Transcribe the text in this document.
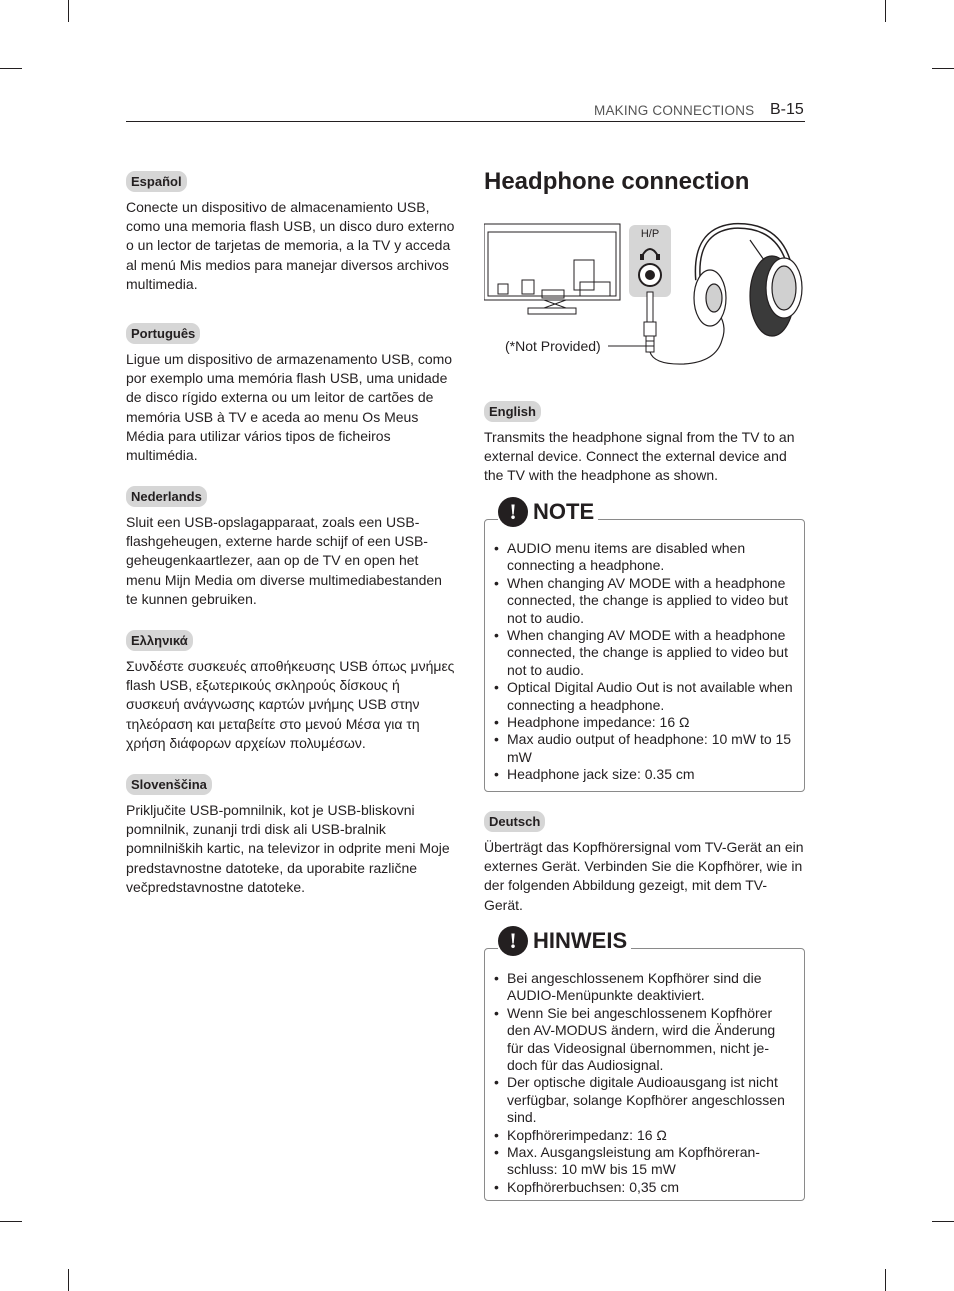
MAKING CONNECTIONS B-15
Español

Conecte un dispositivo de almacenamiento USB, como una memoria flash USB, un disco duro externo o un lector de tarjetas de memoria, a la TV y acceda al menú Mis medios para manejar diversos archivos multimedia.

Português

Ligue um dispositivo de armazenamento USB, como por exemplo uma memória flash USB, uma unidade de disco rígido externa ou um leitor de cartões de memória USB à TV e aceda ao menu Os Meus Média para utilizar vários tipos de ficheiros multimédia.

Nederlands

Sluit een USB-opslagapparaat, zoals een USB-flashgeheugen, externe harde schijf of een USB-geheugenkaartlezer, aan op de TV en open het menu Mijn Media om diverse multimediabestanden te kunnen gebruiken.

Ελληνικά

Συνδέστε συσκευές αποθήκευσης USB όπως μνήμες flash USB, εξωτερικούς σκληρούς δίσκους ή συσκευή ανάγνωσης καρτών μνήμης USB στην τηλεόραση και μεταβείτε στο μενού Μέσα για τη χρήση διάφορων αρχείων πολυμέσων.

Slovenščina

Priključite USB-pomnilnik, kot je USB-bliskovni pomnilnik, zunanji trdi disk ali USB-bralnik pomnilniških kartic, na televizor in odprite meni Moje predstavnostne datoteke, da uporabite različne večpredstavnostne datoteke.

Headphone connection
H/P
(*Not Provided)
English

Transmits the headphone signal from the TV to an external device. Connect the external device and the TV with the headphone as shown.

• AUDIO menu items are disabled when connecting a headphone.
• When changing AV MODE with a headphone connected, the change is applied to video but not to audio.
• When changing AV MODE with a headphone connected, the change is applied to video but not to audio.
• Optical Digital Audio Out is not available when connecting a headphone.
• Headphone impedance: 16 Ω
• Max audio output of headphone: 10 mW to 15 mW
• Headphone jack size: 0.35 cm
! NOTE
Deutsch

Überträgt das Kopfhörersignal vom TV-Gerät an ein externes Gerät. Verbinden Sie die Kopfhörer, wie in der folgenden Abbildung gezeigt, mit dem TV-Gerät.

• Bei angeschlossenem Kopfhörer sind die AUDIO-Menüpunkte deaktiviert.
• Wenn Sie bei angeschlossenem Kopfhörer den AV-MODUS ändern, wird die Änderung für das Videosignal übernommen, nicht je-doch für das Audiosignal.
• Der optische digitale Audioausgang ist nicht verfügbar, solange Kopfhörer angeschlossen sind.
• Kopfhörerimpedanz: 16 Ω
• Max. Ausgangsleistung am Kopfhöreran-schluss: 10 mW bis 15 mW
• Kopfhörerbuchsen: 0,35 cm
! HINWEIS
